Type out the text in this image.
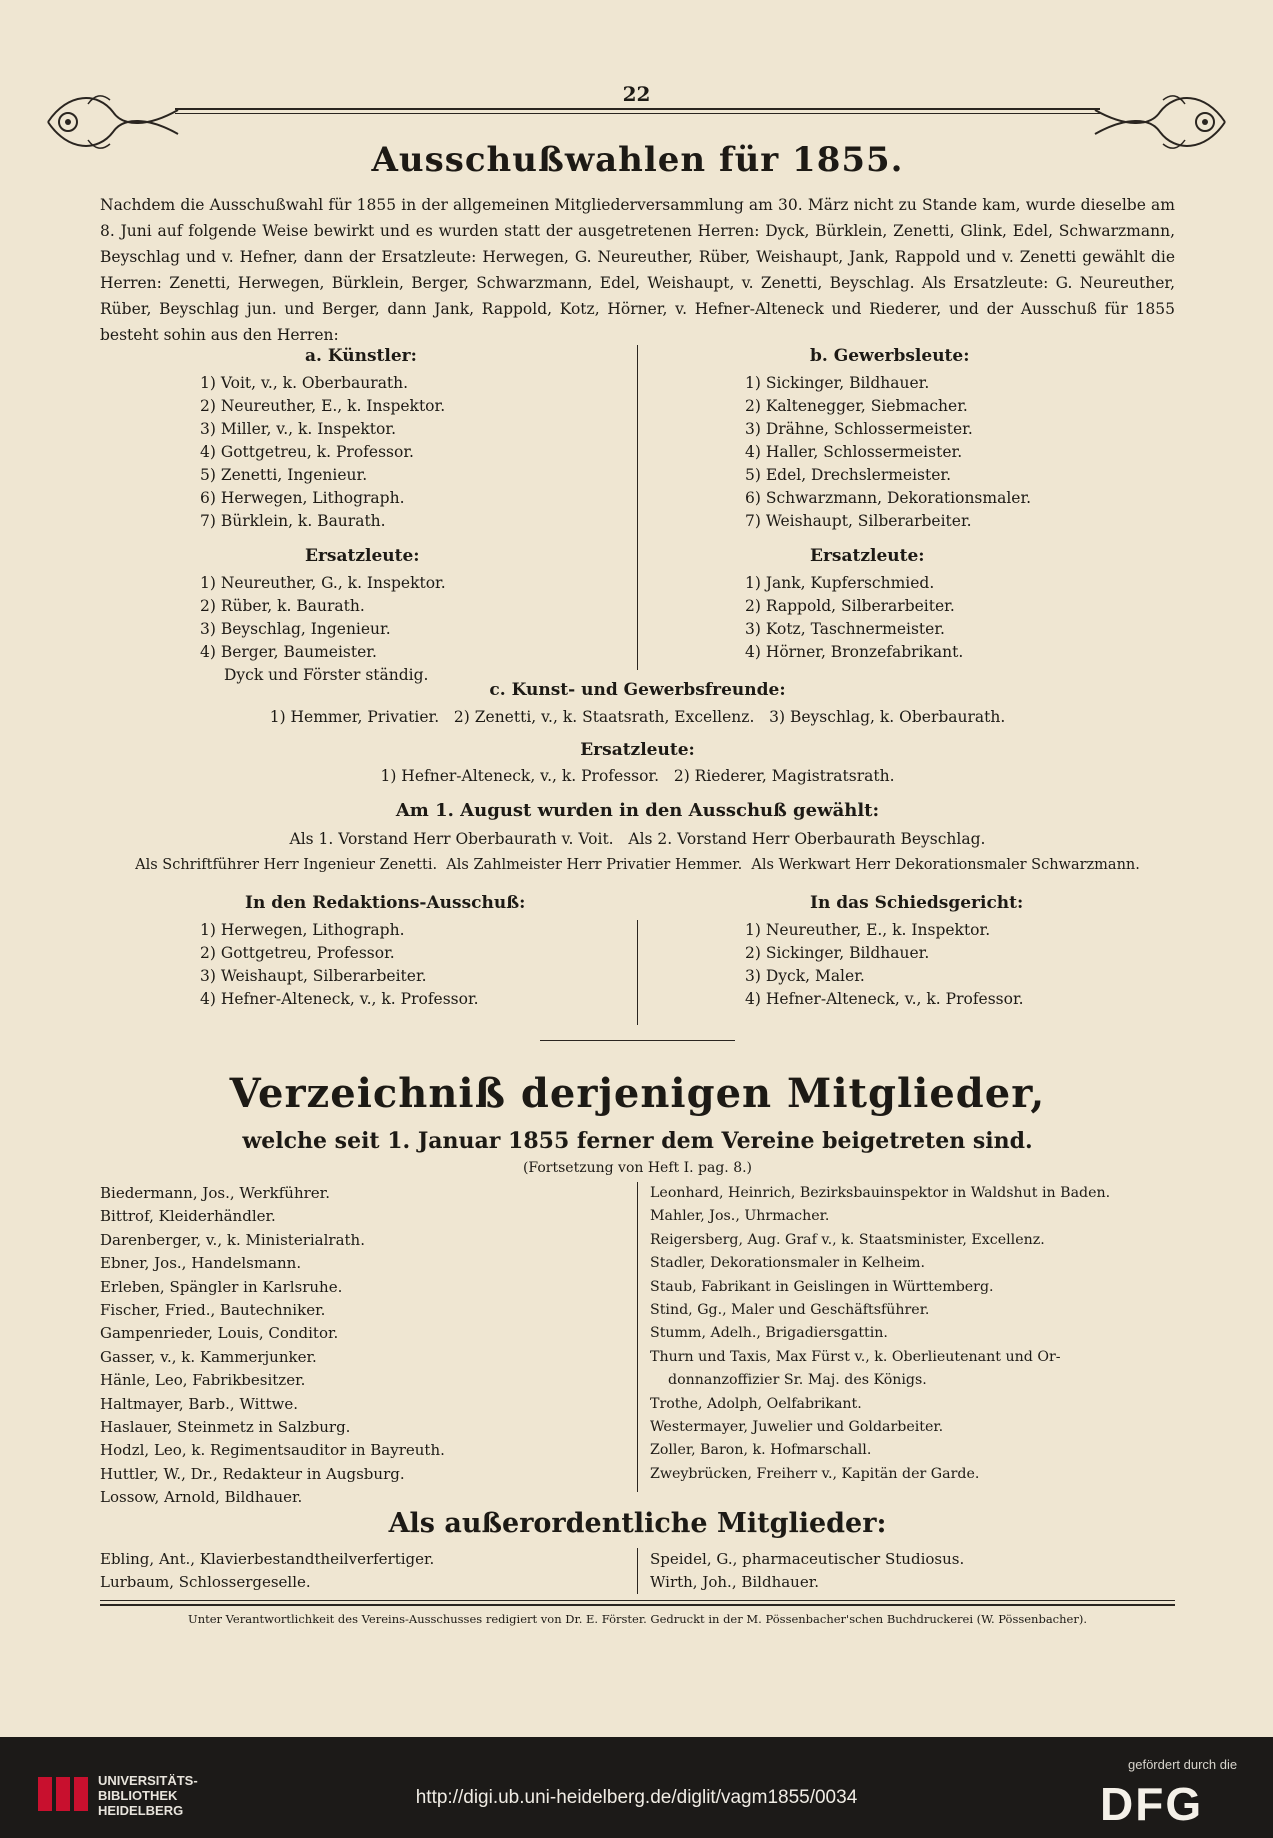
22
Ausschußwahlen für 1855.

Nachdem die Ausschußwahl für 1855 in der allgemeinen Mitgliederversammlung am 30. März nicht zu Stande kam, wurde dieselbe am 8. Juni auf folgende Weise bewirkt und es wurden statt der ausgetretenen Herren: Dyck, Bürklein, Zenetti, Glink, Edel, Schwarzmann, Beyschlag und v. Hefner, dann der Ersatzleute: Herwegen, G. Neureuther, Rüber, Weishaupt, Jank, Rappold und v. Zenetti gewählt die Herren: Zenetti, Herwegen, Bürklein, Berger, Schwarzmann, Edel, Weishaupt, v. Zenetti, Beyschlag. Als Ersatzleute: G. Neureuther, Rüber, Beyschlag jun. und Berger, dann Jank, Rappold, Kotz, Hörner, v. Hefner-Alteneck und Riederer, und der Ausschuß für 1855 besteht sohin aus den Herren:

a. Künstler:
1) Voit, v., k. Oberbaurath.
2) Neureuther, E., k. Inspektor.
3) Miller, v., k. Inspektor.
4) Gottgetreu, k. Professor.
5) Zenetti, Ingenieur.
6) Herwegen, Lithograph.
7) Bürklein, k. Baurath.
Ersatzleute:
1) Neureuther, G., k. Inspektor.
2) Rüber, k. Baurath.
3) Beyschlag, Ingenieur.
4) Berger, Baumeister.
Dyck und Förster ständig.
b. Gewerbsleute:
1) Sickinger, Bildhauer.
2) Kaltenegger, Siebmacher.
3) Drähne, Schlossermeister.
4) Haller, Schlossermeister.
5) Edel, Drechslermeister.
6) Schwarzmann, Dekorationsmaler.
7) Weishaupt, Silberarbeiter.
Ersatzleute:
1) Jank, Kupferschmied.
2) Rappold, Silberarbeiter.
3) Kotz, Taschnermeister.
4) Hörner, Bronzefabrikant.
c. Kunst- und Gewerbsfreunde:
1) Hemmer, Privatier.   2) Zenetti, v., k. Staatsrath, Excellenz.   3) Beyschlag, k. Oberbaurath.
Ersatzleute:
1) Hefner-Alteneck, v., k. Professor.   2) Riederer, Magistratsrath.
Am 1. August wurden in den Ausschuß gewählt:
Als 1. Vorstand Herr Oberbaurath v. Voit.   Als 2. Vorstand Herr Oberbaurath Beyschlag.
Als Schriftführer Herr Ingenieur Zenetti.  Als Zahlmeister Herr Privatier Hemmer.  Als Werkwart Herr Dekorationsmaler Schwarzmann.
In den Redaktions-Ausschuß:
1) Herwegen, Lithograph.
2) Gottgetreu, Professor.
3) Weishaupt, Silberarbeiter.
4) Hefner-Alteneck, v., k. Professor.
In das Schiedsgericht:
1) Neureuther, E., k. Inspektor.
2) Sickinger, Bildhauer.
3) Dyck, Maler.
4) Hefner-Alteneck, v., k. Professor.
Verzeichniß derjenigen Mitglieder,
welche seit 1. Januar 1855 ferner dem Vereine beigetreten sind.
(Fortsetzung von Heft I. pag. 8.)
Biedermann, Jos., Werkführer.
Bittrof, Kleiderhändler.
Darenberger, v., k. Ministerialrath.
Ebner, Jos., Handelsmann.
Erleben, Spängler in Karlsruhe.
Fischer, Fried., Bautechniker.
Gampenrieder, Louis, Conditor.
Gasser, v., k. Kammerjunker.
Hänle, Leo, Fabrikbesitzer.
Haltmayer, Barb., Wittwe.
Haslauer, Steinmetz in Salzburg.
Hodzl, Leo, k. Regimentsauditor in Bayreuth.
Huttler, W., Dr., Redakteur in Augsburg.
Lossow, Arnold, Bildhauer.
Leonhard, Heinrich, Bezirksbauinspektor in Waldshut in Baden.
Mahler, Jos., Uhrmacher.
Reigersberg, Aug. Graf v., k. Staatsminister, Excellenz.
Stadler, Dekorationsmaler in Kelheim.
Staub, Fabrikant in Geislingen in Württemberg.
Stind, Gg., Maler und Geschäftsführer.
Stumm, Adelh., Brigadiersgattin.
Thurn und Taxis, Max Fürst v., k. Oberlieutenant und Or-
donnanzoffizier Sr. Maj. des Königs.
Trothe, Adolph, Oelfabrikant.
Westermayer, Juwelier und Goldarbeiter.
Zoller, Baron, k. Hofmarschall.
Zweybrücken, Freiherr v., Kapitän der Garde.
Als außerordentliche Mitglieder:
Ebling, Ant., Klavierbestandtheilverfertiger.
Lurbaum, Schlossergeselle.
Speidel, G., pharmaceutischer Studiosus.
Wirth, Joh., Bildhauer.
Unter Verantwortlichkeit des Vereins-Ausschusses redigiert von Dr. E. Förster. Gedruckt in der M. Pössenbacher'schen Buchdruckerei (W. Pössenbacher).
UNIVERSITÄTS-
BIBLIOTHEK
HEIDELBERG
http://digi.ub.uni-heidelberg.de/diglit/vagm1855/0034
gefördert durch die
DFG
